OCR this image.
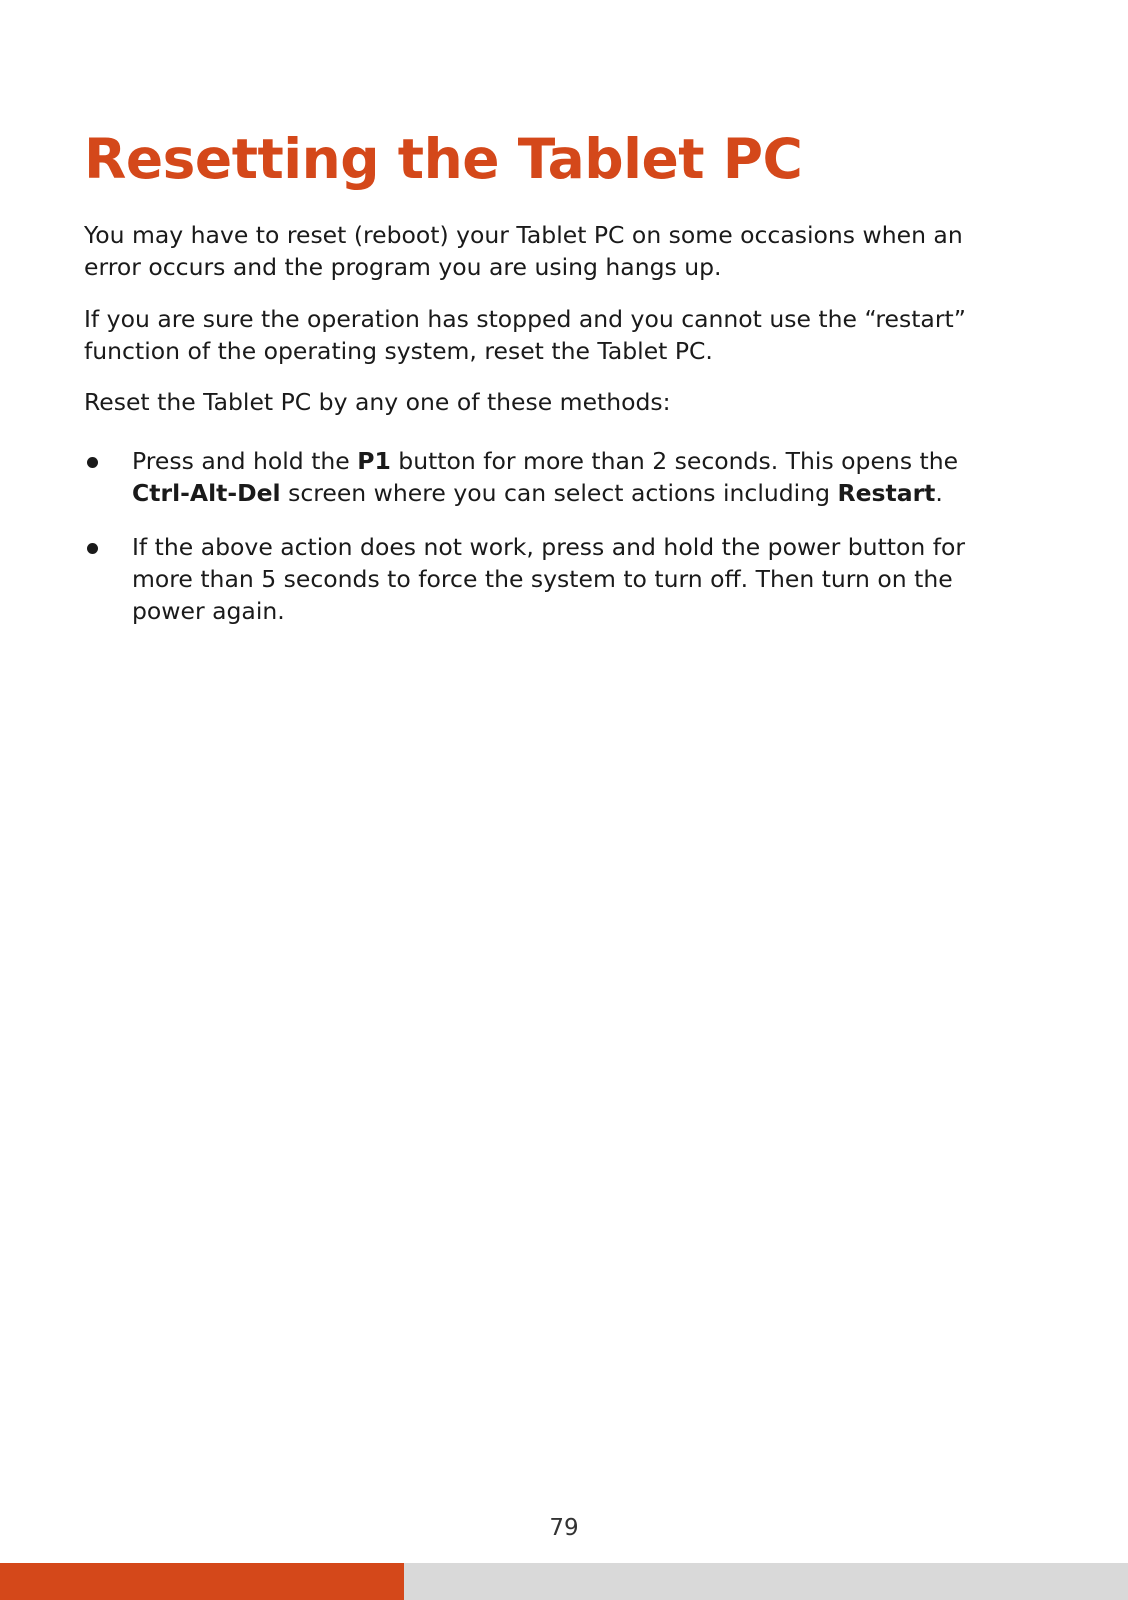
Resetting the Tablet PC

You may have to reset (reboot) your Tablet PC on some occasions when an
error occurs and the program you are using hangs up.

If you are sure the operation has stopped and you cannot use the “restart”
function of the operating system, reset the Tablet PC.

Reset the Tablet PC by any one of these methods:

Press and hold the P1 button for more than 2 seconds. This opens the
Ctrl-Alt-Del screen where you can select actions including Restart.
If the above action does not work, press and hold the power button for
more than 5 seconds to force the system to turn off. Then turn on the
power again.
79
